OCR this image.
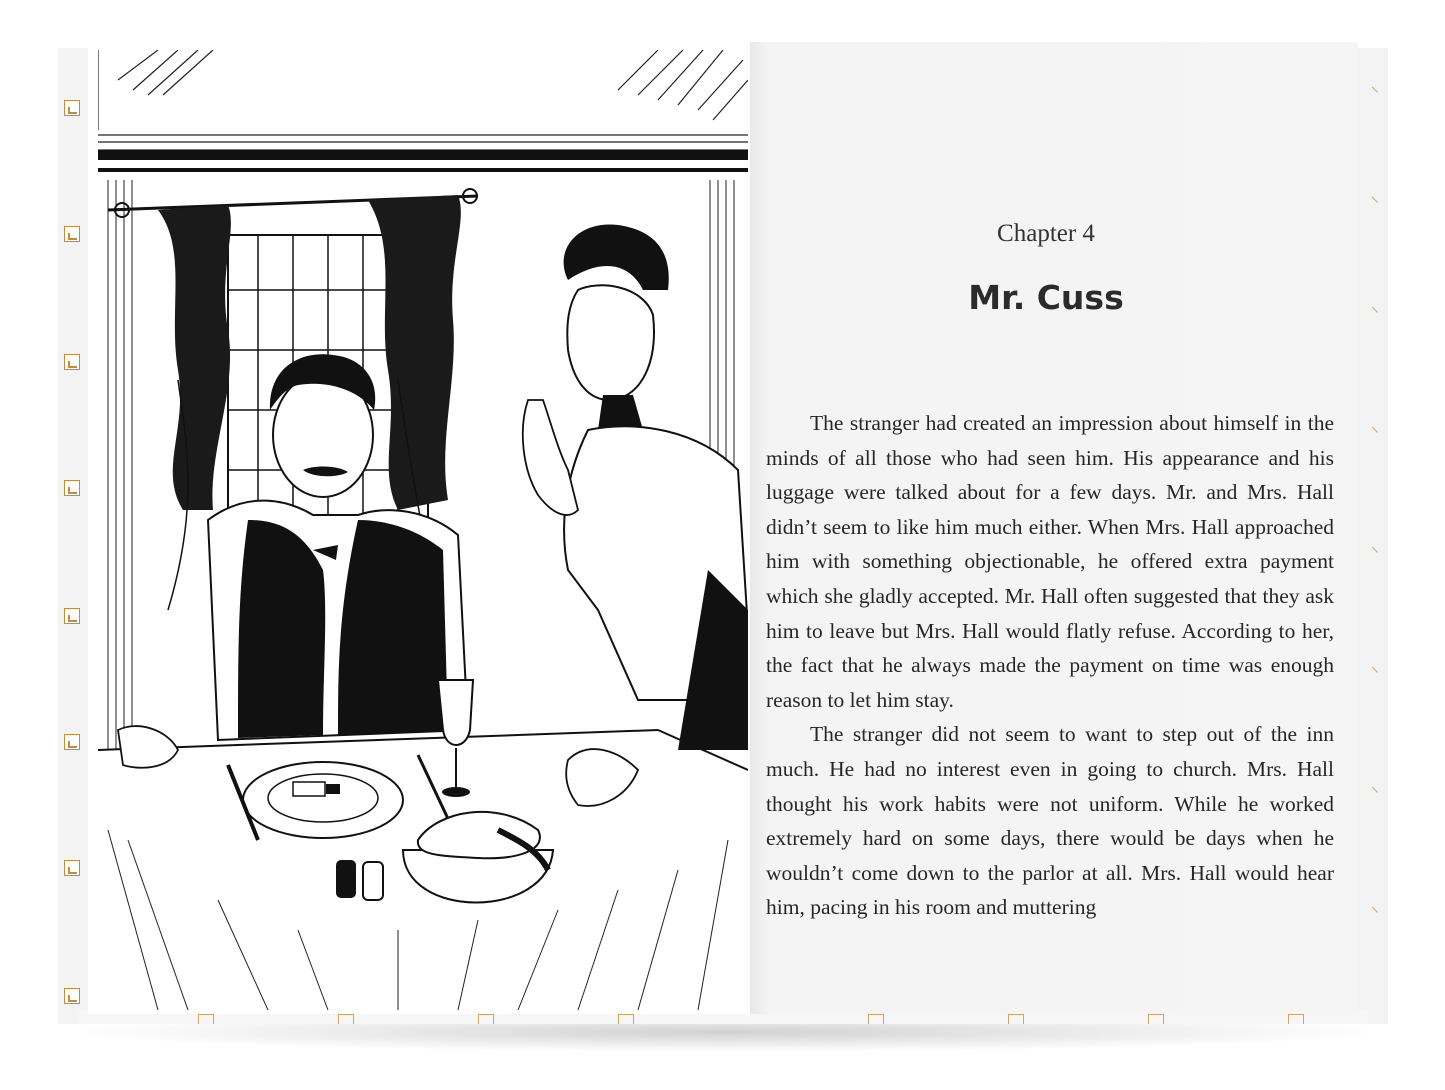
Chapter 4
Mr. Cuss

The stranger had created an impression about himself in the minds of all those who had seen him. His appearance and his luggage were talked about for a few days. Mr. and Mrs. Hall didn’t seem to like him much either. When Mrs. Hall approached him with something objectionable, he offered extra payment which she gladly accepted. Mr. Hall often suggested that they ask him to leave but Mrs. Hall would flatly refuse. According to her, the fact that he always made the payment on time was enough reason to let him stay.

The stranger did not seem to want to step out of the inn much. He had no interest even in going to church. Mrs. Hall thought his work habits were not uniform. While he worked extremely hard on some days, there would be days when he wouldn’t come down to the parlor at all. Mrs. Hall would hear him, pacing in his room and muttering
